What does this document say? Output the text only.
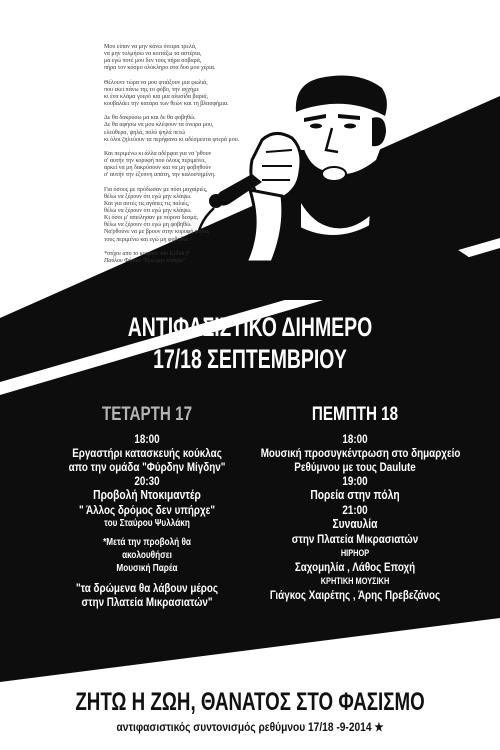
Μου είπαν να μην κάνω όνειρα τρελά,
να μην τολμήσω να κοιτάξω τα αστέρια,
μα εγώ ποτέ μου δεν τους πήρα σοβαρά,
πήρα τον κόσμο ολόκληρο στα δυο μου χέρια.
Θέλουνε τώρα να μου φτιάξουν μια φωλιά,
που εκεί πάνω της το φόβο, την αγχήμε
κι ένα κλάμα γοερό και μια αλυσίδα βαριά,
κουβαλάει την κατάρα των θεών και τη βλασφήμια.
Δε θα δακρύσω μα και δε θα φοβηθώ.
Δε θα αφήσω να μου κλέψουν τα όνειρα μου,
ελεύθερα, ψηλά, πολύ ψηλά πετώ
κι όλοι ζηλεύουν τα περήφανα κι αδέσμευτα φτερά μου.
Και περιμένω κι άλλα αδέρφια για να 'ρθουν
σ' αυτήν την κορυφή που όλους περιμένει,
αρκεί να μη δακρύσουν και να μη φοβηθούν
σ' αυτήν την έξυπνη απάτη, την καλοστημένη.
Για όσους με πρόδωσαν με πόσι μαχαίριές,
θέλω να ξέρουν ότι εγώ μην κλάψω.
Και για αυτές τις αγάπες τις παλιές,
θέλω να ξέρουν ότι εγώ μην κλάψω.
Κι όσοι μ' απείλησαν με πύρινα δεσμά,
θέλω να ξέρουν ότι εγώ μη φοβηθώ.
Να'ρθούνε να με βρουν στην κορυφή ψηλά,
τους περιμένω και εγώ μη φοβηθώ.
*στίχοι απο το κομμάτι του Killah P
Παύλου Φύσσα "Εγώ μην κλάψω"
ΑΝΤΙΦΑΣΙΣΤΙΚΟ ΔΙΗΜΕΡΟ
17/18 ΣΕΠΤΕΜΒΡΙΟΥ
ΤΕΤΑΡΤΗ 17
18:00
Εργαστήρι κατασκευής κούκλας
απο την ομάδα "Φύρδην Μίγδην"
20:30
Προβολή Ντοκιμαντέρ
" Άλλος δρόμος δεν υπήρχε"
του Σταύρου Ψυλλάκη
*Μετά την προβολή θα
ακολουθήσει
Μουσική Παρέα
"τα δρώμενα θα λάβουν μέρος
στην Πλατεία Μικρασιατών"
ΠΕΜΠΤΗ 18
18:00
Μουσική προσυγκέντρωση στο δημαρχείο
Ρεθύμνου με τους Daulute
19:00
Πορεία στην πόλη
21:00
Συναυλία
στην Πλατεία Μικρασιατών
HIPHOP
Σαχομηλία , Λάθος Εποχή
ΚΡΗΤΙΚΗ ΜΟΥΣΙΚΗ
Γιάγκος Χαιρέτης , Άρης Πρεβεζάνος
ΖΗΤΩ Η ΖΩΗ, ΘΑΝΑΤΟΣ ΣΤΟ ΦΑΣΙΣΜΟ
αντιφασιστικός συντονισμός ρεθύμνου 17/18 -9-2014 ★
